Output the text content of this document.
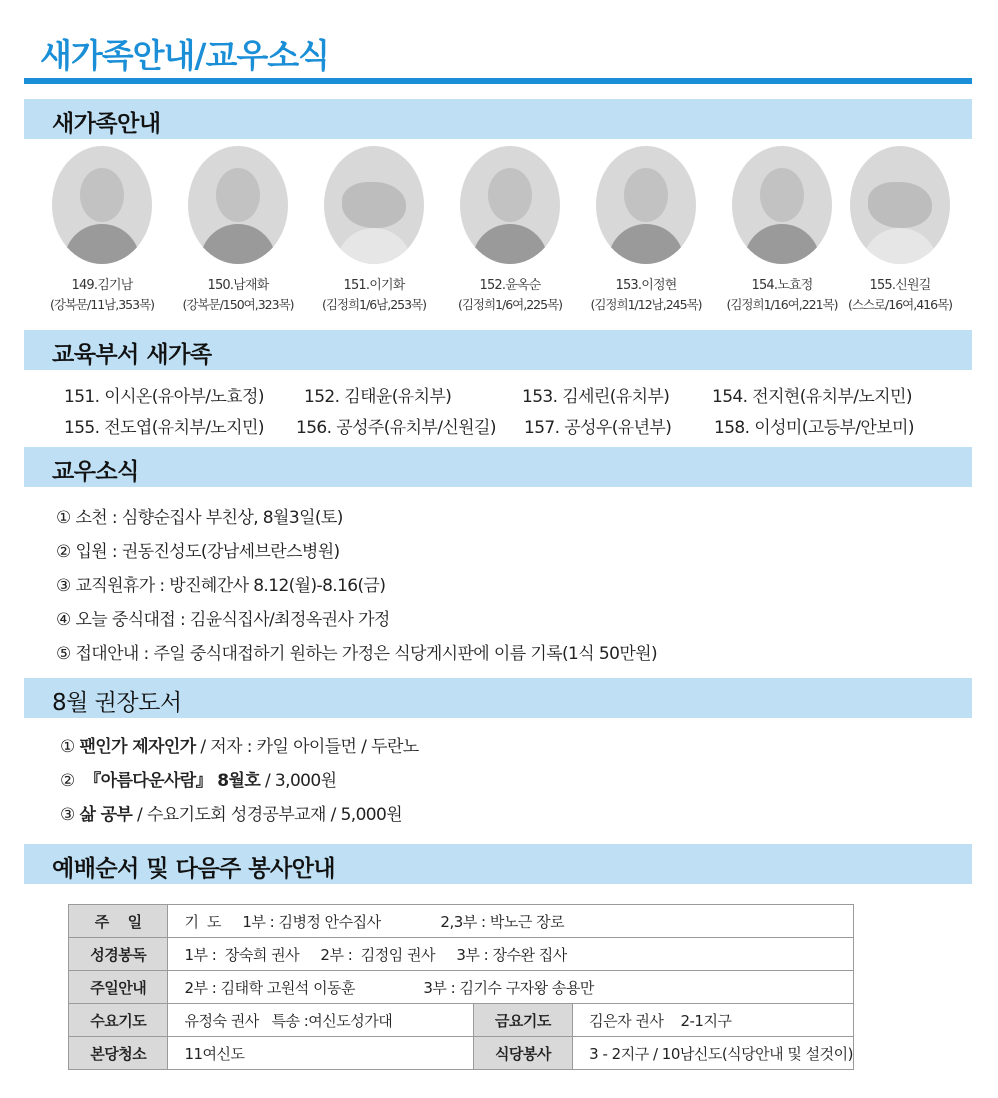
새가족안내/교우소식
새가족안내
149.김기남
(강복문/11남,353목)
150.남재화
(강복문/150여,323목)
151.이기화
(김정희1/6남,253목)
152.윤옥순
(김정희1/6여,225목)
153.이정현
(김정희1/12남,245목)
154.노효정
(김정희1/16여,221목)
155.신원길
(스스로/16여,416목)
교육부서 새가족
151. 이시온(유아부/노효정) 152. 김태윤(유치부)	153. 김세린(유치부)	154. 전지현(유치부/노지민)
155. 전도엽(유치부/노지민) 156. 공성주(유치부/신원길) 157. 공성우(유년부)	158. 이성미(고등부/안보미)
교우소식
① 소천 : 심향순집사 부친상, 8월3일(토)
② 입원 : 권동진성도(강남세브란스병원)
③ 교직원휴가 : 방진혜간사 8.12(월)-8.16(금)
④ 오늘 중식대접 : 김윤식집사/최정옥권사 가정
⑤ 접대안내 : 주일 중식대접하기 원하는 가정은 식당게시판에 이름 기록(1식 50만원)
8월 권장도서
① 팬인가 제자인가 / 저자 : 카일 아이들먼 / 두란노
② 『아름다운사람』 8월호 / 3,000원
③ 삶 공부 / 수요기도회 성경공부교재 / 5,000원
예배순서 및 다음주 봉사안내
주    일	기  도     1부 : 김병정 안수집사              2,3부 : 박노근 장로		
성경봉독	1부 :  장숙희 권사     2부 :  김정임 권사     3부 : 장수완 집사		
주일안내	2부 : 김태학 고원석 이동훈                3부 : 김기수 구자왕 송용만		
수요기도	유정숙 권사   특송 :여신도성가대	금요기도	김은자 권사    2-1지구
본당청소	11여신도	식당봉사	3 - 2지구 / 10남신도(식당안내 및 설것이)
